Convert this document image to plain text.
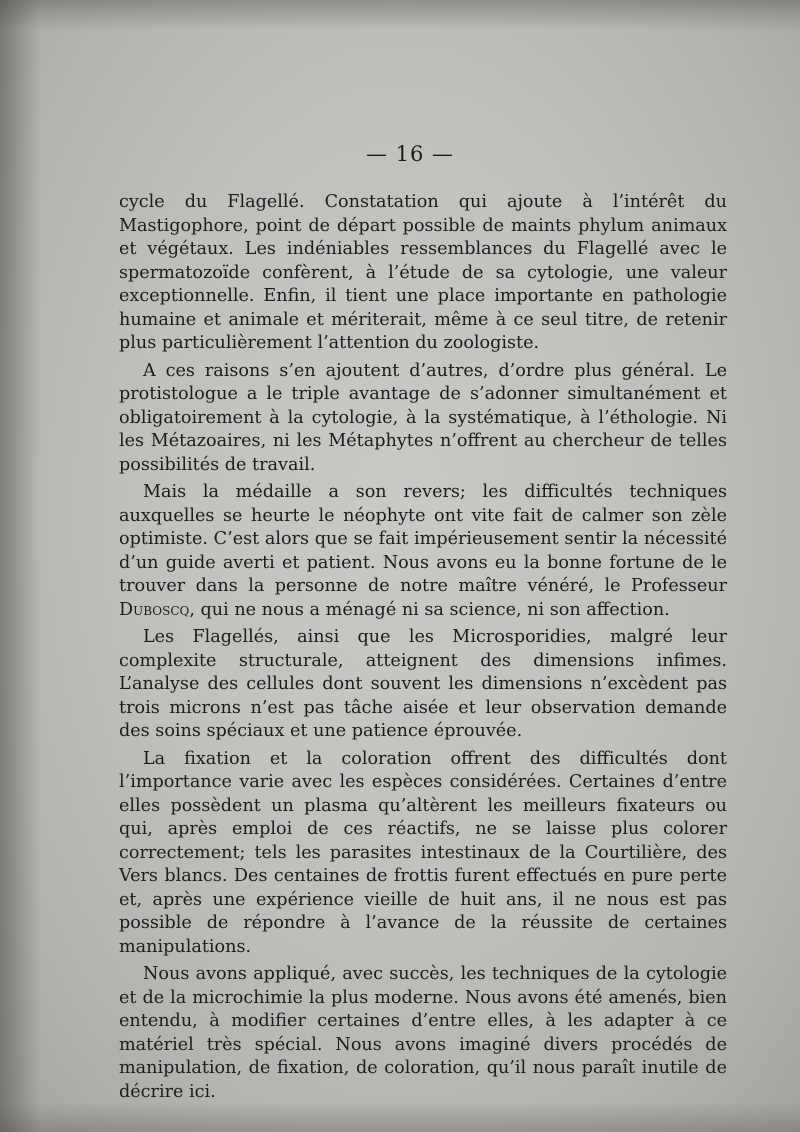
— 16 —

cycle du Flagellé. Constatation qui ajoute à l’intérêt du Mastigophore, point de départ possible de maints phylum animaux et végétaux. Les indéniables ressemblances du Flagellé avec le spermatozoïde confèrent, à l’étude de sa cytologie, une valeur exceptionnelle. Enfin, il tient une place importante en pathologie humaine et animale et mériterait, même à ce seul titre, de retenir plus particulièrement l’attention du zoologiste.

A ces raisons s’en ajoutent d’autres, d’ordre plus général. Le protistologue a le triple avantage de s’adonner simultanément et obligatoirement à la cytologie, à la systématique, à l’éthologie. Ni les Métazoaires, ni les Métaphytes n’offrent au chercheur de telles possibilités de travail.

Mais la médaille a son revers; les difficultés techniques auxquelles se heurte le néophyte ont vite fait de calmer son zèle optimiste. C’est alors que se fait impérieusement sentir la nécessité d’un guide averti et patient. Nous avons eu la bonne fortune de le trouver dans la personne de notre maître vénéré, le Professeur Duboscq, qui ne nous a ménagé ni sa science, ni son affection.

Les Flagellés, ainsi que les Microsporidies, malgré leur complexite structurale, atteignent des dimensions infimes. L’analyse des cellules dont souvent les dimensions n’excèdent pas trois microns n’est pas tâche aisée et leur observation demande des soins spéciaux et une patience éprouvée.

La fixation et la coloration offrent des difficultés dont l’importance varie avec les espèces considérées. Certaines d’entre elles possèdent un plasma qu’altèrent les meilleurs fixateurs ou qui, après emploi de ces réactifs, ne se laisse plus colorer correctement; tels les parasites intestinaux de la Courtilière, des Vers blancs. Des centaines de frottis furent effectués en pure perte et, après une expérience vieille de huit ans, il ne nous est pas possible de répondre à l’avance de la réussite de certaines manipulations.

Nous avons appliqué, avec succès, les techniques de la cytologie et de la microchimie la plus moderne. Nous avons été amenés, bien entendu, à modifier certaines d’entre elles, à les adapter à ce matériel très spécial. Nous avons imaginé divers procédés de manipulation, de fixation, de coloration, qu’il nous paraît inutile de décrire ici.
